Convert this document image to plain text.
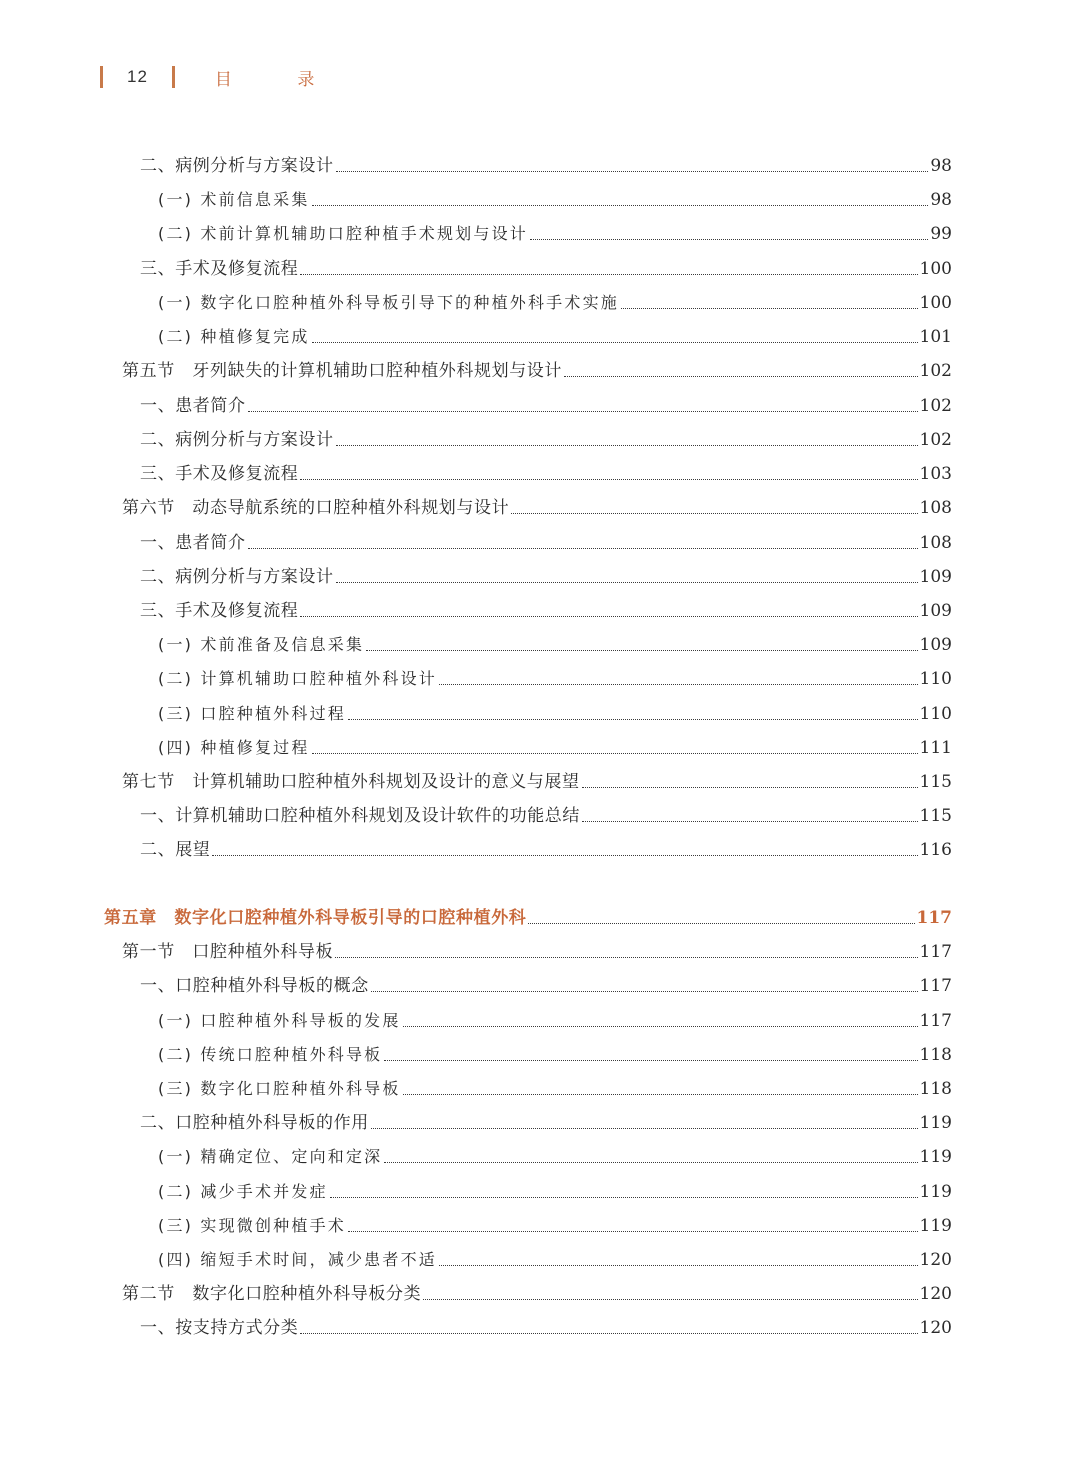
12	目 录
二、病例分析与方案设计	98
(一) 术前信息采集	98
(二) 术前计算机辅助口腔种植手术规划与设计	99
三、手术及修复流程	100
(一) 数字化口腔种植外科导板引导下的种植外科手术实施	100
(二) 种植修复完成	101
第五节　牙列缺失的计算机辅助口腔种植外科规划与设计	102
一、患者简介	102
二、病例分析与方案设计	102
三、手术及修复流程	103
第六节　动态导航系统的口腔种植外科规划与设计	108
一、患者简介	108
二、病例分析与方案设计	109
三、手术及修复流程	109
(一) 术前准备及信息采集	109
(二) 计算机辅助口腔种植外科设计	110
(三) 口腔种植外科过程	110
(四) 种植修复过程	111
第七节　计算机辅助口腔种植外科规划及设计的意义与展望	115
一、计算机辅助口腔种植外科规划及设计软件的功能总结	115
二、展望	116
第五章　数字化口腔种植外科导板引导的口腔种植外科	117
第一节　口腔种植外科导板	117
一、口腔种植外科导板的概念	117
(一) 口腔种植外科导板的发展	117
(二) 传统口腔种植外科导板	118
(三) 数字化口腔种植外科导板	118
二、口腔种植外科导板的作用	119
(一) 精确定位、定向和定深	119
(二) 减少手术并发症	119
(三) 实现微创种植手术	119
(四) 缩短手术时间，减少患者不适	120
第二节　数字化口腔种植外科导板分类	120
一、按支持方式分类	120
